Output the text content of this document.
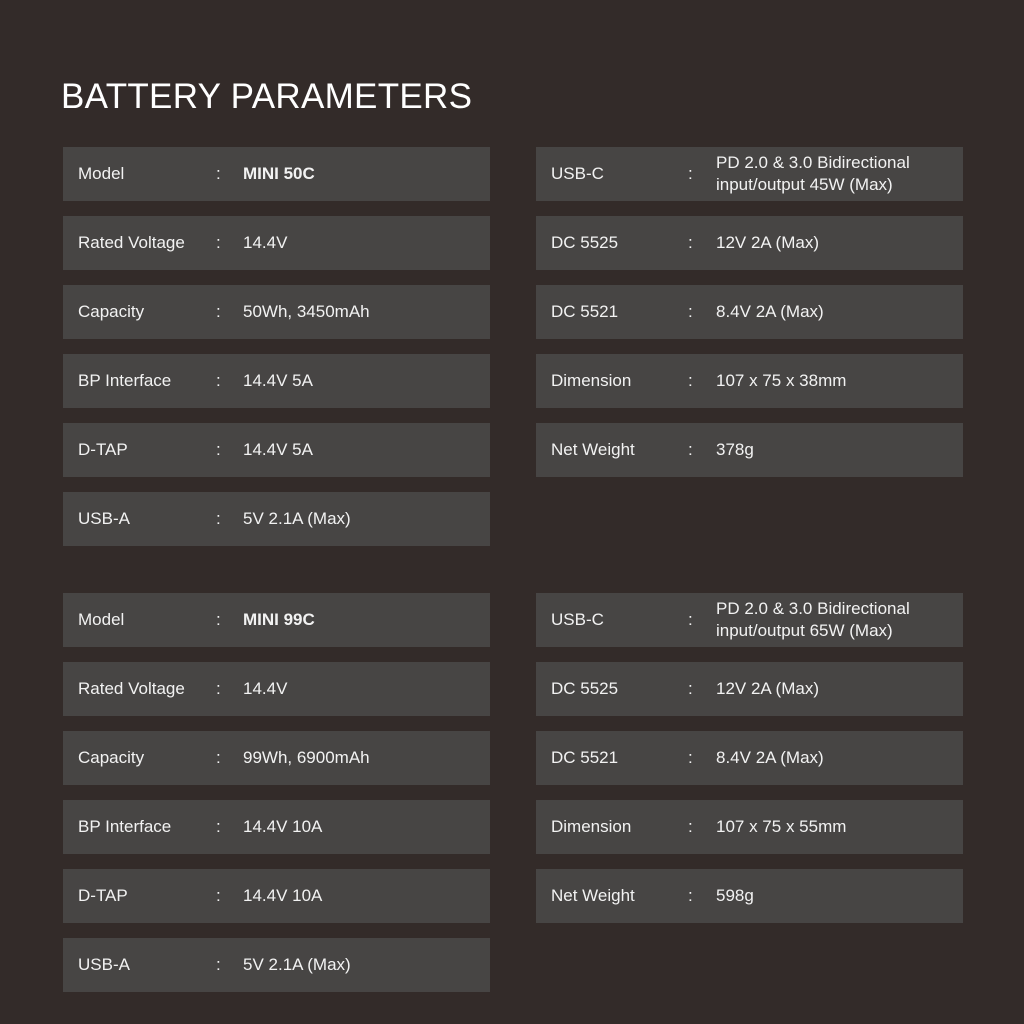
BATTERY PARAMETERS
Model	: MINI 50C
Rated Voltage : 14.4V
Capacity	: 50Wh, 3450mAh
BP Interface	: 14.4V 5A
D-TAP	: 14.4V 5A
USB-A	: 5V 2.1A (Max)
USB-C	:
PD 2.0 & 3.0 Bidirectional
input/output 45W (Max)
DC 5525	: 12V 2A (Max)
DC 5521	: 8.4V 2A (Max)
Dimension	: 107 x 75 x 38mm
Net Weight	: 378g
Model	: MINI 99C
Rated Voltage : 14.4V
Capacity	: 99Wh, 6900mAh
BP Interface	: 14.4V 10A
D-TAP	: 14.4V 10A
USB-A	: 5V 2.1A (Max)
USB-C	:
PD 2.0 & 3.0 Bidirectional
input/output 65W (Max)
DC 5525	: 12V 2A (Max)
DC 5521	: 8.4V 2A (Max)
Dimension	: 107 x 75 x 55mm
Net Weight	: 598g
